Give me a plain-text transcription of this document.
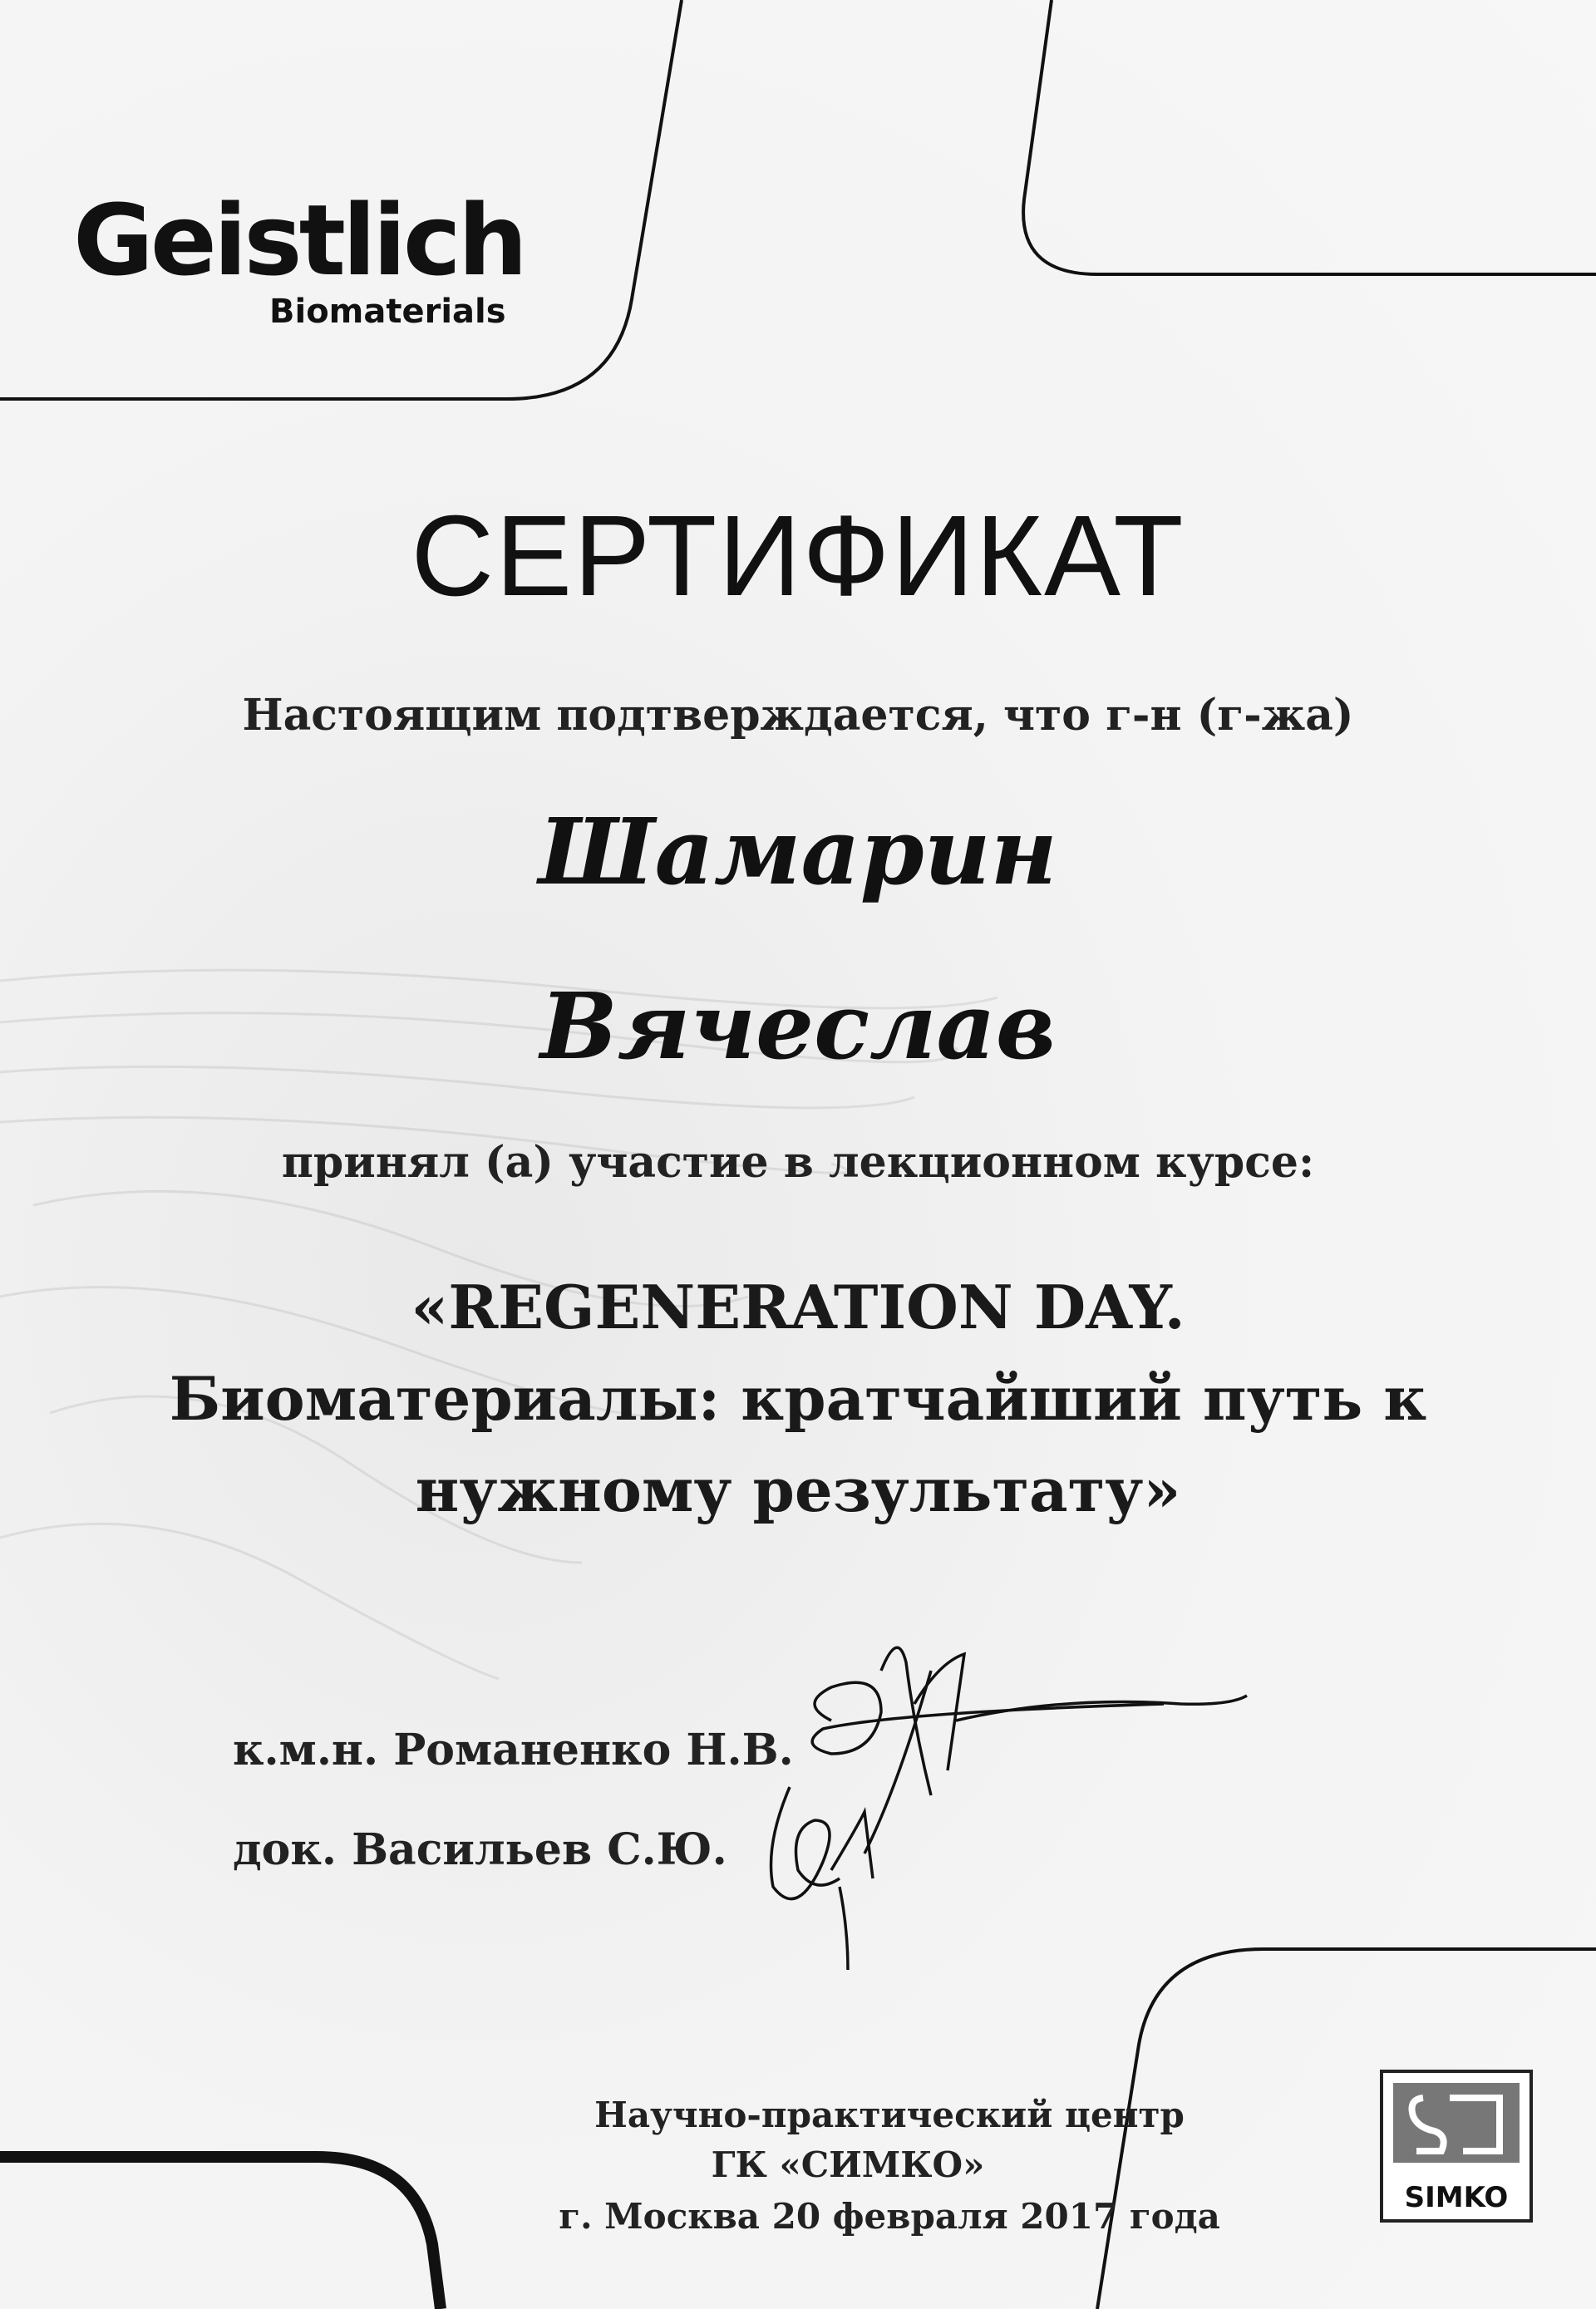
Geistlich
Biomaterials
СЕРТИФИКАТ
Настоящим подтверждается, что г-н (г-жа)
Шамарин
Вячеслав
принял (а) участие в лекционном курсе:
«REGENERATION DAY.
Биоматериалы: кратчайший путь к
нужному результату»
к.м.н. Романенко Н.В.
док. Васильев С.Ю.
Научно-практический центр
ГК «СИМКО»
г. Москва 20 февраля 2017 года	SIMKO
